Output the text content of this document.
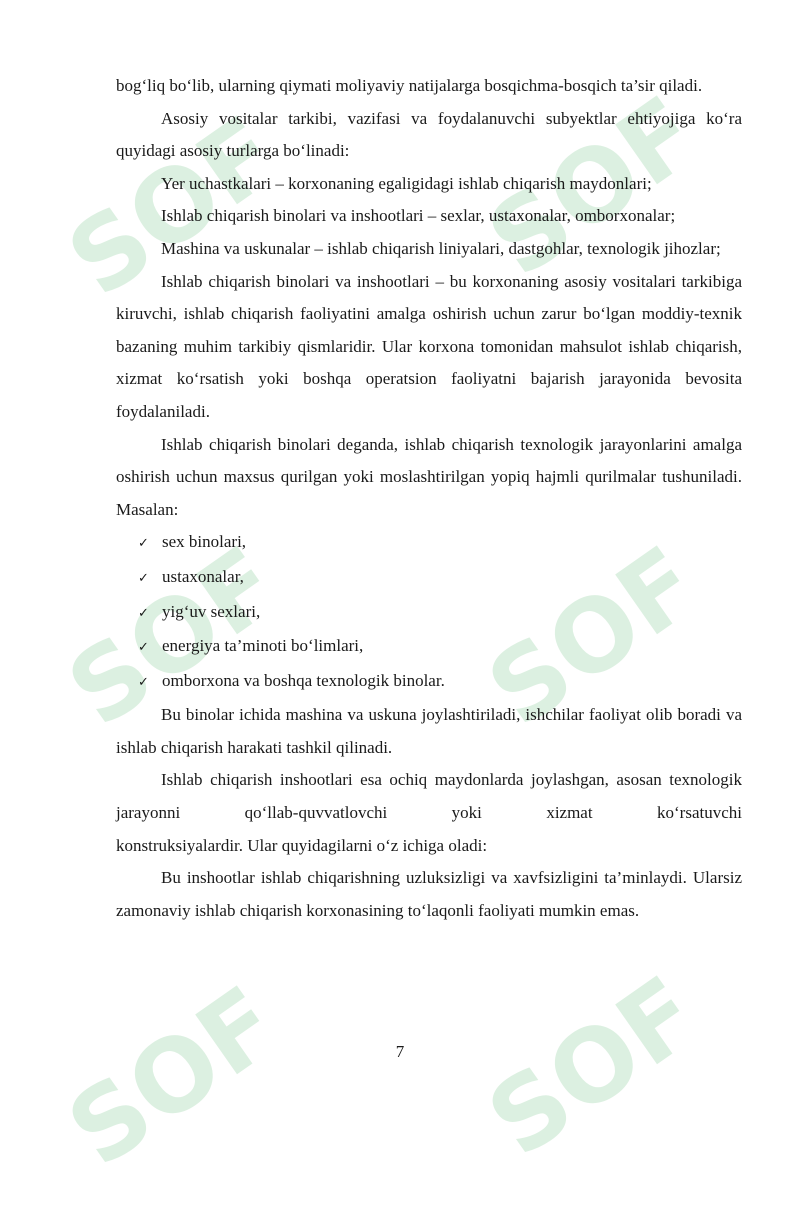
SOFF SOFF
SOFF SOFF
SOFF SOFF

bog‘liq bo‘lib, ularning qiymati moliyaviy natijalarga bosqichma-bosqich ta’sir qiladi.

Asosiy vositalar tarkibi, vazifasi va foydalanuvchi subyektlar ehtiyojiga ko‘ra quyidagi asosiy turlarga bo‘linadi:

Yer uchastkalari – korxonaning egaligidagi ishlab chiqarish maydonlari;

Ishlab chiqarish binolari va inshootlari – sexlar, ustaxonalar, omborxonalar;

Mashina va uskunalar – ishlab chiqarish liniyalari, dastgohlar, texnologik jihozlar;

Ishlab chiqarish binolari va inshootlari – bu korxonaning asosiy vositalari tarkibiga kiruvchi, ishlab chiqarish faoliyatini amalga oshirish uchun zarur bo‘lgan moddiy-texnik bazaning muhim tarkibiy qismlaridir. Ular korxona tomonidan mahsulot ishlab chiqarish, xizmat ko‘rsatish yoki boshqa operatsion faoliyatni bajarish jarayonida bevosita foydalaniladi.

Ishlab chiqarish binolari deganda, ishlab chiqarish texnologik jarayonlarini amalga oshirish uchun maxsus qurilgan yoki moslashtirilgan yopiq hajmli qurilmalar tushuniladi. Masalan:

✓ sex binolari,
✓ ustaxonalar,
✓ yig‘uv sexlari,
✓ energiya ta’minoti bo‘limlari,
✓ omborxona va boshqa texnologik binolar.

Bu binolar ichida mashina va uskuna joylashtiriladi, ishchilar faoliyat olib boradi va ishlab chiqarish harakati tashkil qilinadi.

Ishlab chiqarish inshootlari esa ochiq maydonlarda joylashgan, asosan texnologik jarayonni qo‘llab-quvvatlovchi yoki xizmat ko‘rsatuvchi

konstruksiyalardir. Ular quyidagilarni o‘z ichiga oladi:

Bu inshootlar ishlab chiqarishning uzluksizligi va xavfsizligini ta’minlaydi. Ularsiz zamonaviy ishlab chiqarish korxonasining to‘laqonli faoliyati mumkin emas.

7
